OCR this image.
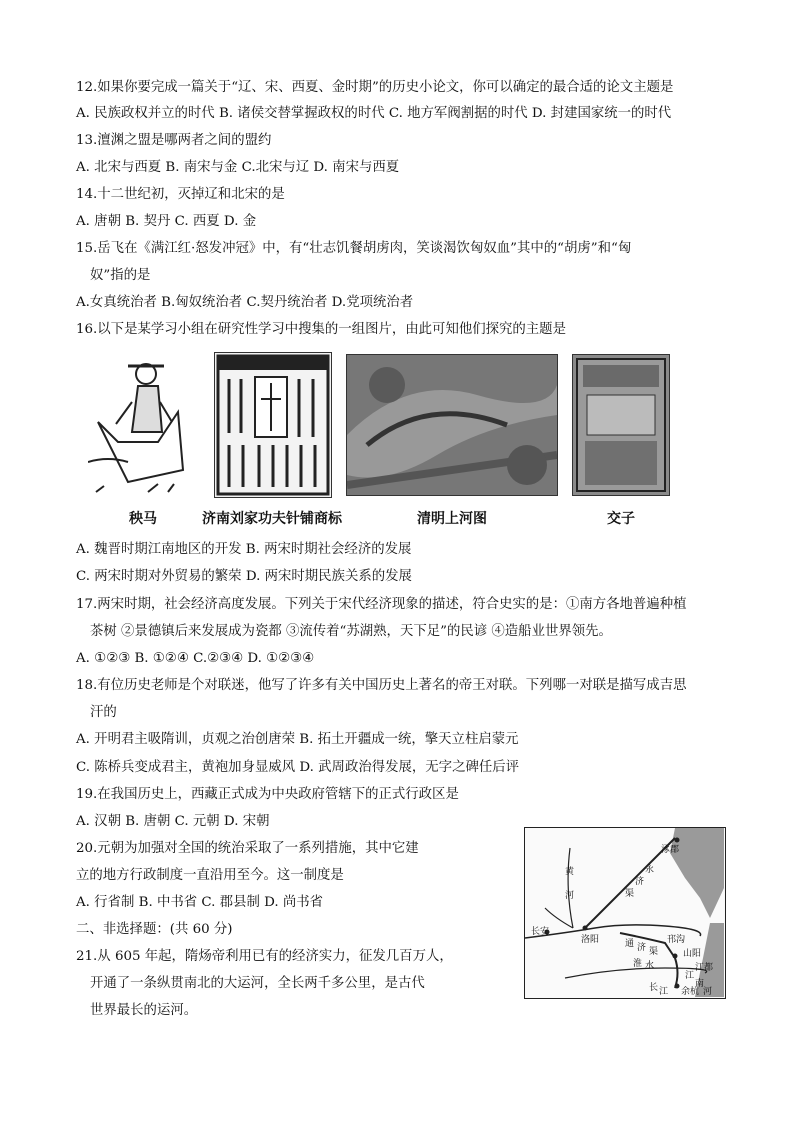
12.如果你要完成一篇关于“辽、宋、西夏、金时期”的历史小论文，你可以确定的最合适的论文主题是
A. 民族政权并立的时代 B. 诸侯交替掌握政权的时代 C. 地方军阀割据的时代 D. 封建国家统一的时代
13.澶渊之盟是哪两者之间的盟约
A. 北宋与西夏 B. 南宋与金 C.北宋与辽 D. 南宋与西夏
14.十二世纪初，灭掉辽和北宋的是
A. 唐朝 B. 契丹 C. 西夏 D. 金
15.岳飞在《满江红·怒发冲冠》中，有“壮志饥餐胡虏肉，笑谈渴饮匈奴血”其中的“胡虏”和“匈
奴”指的是
A.女真统治者 B.匈奴统治者 C.契丹统治者 D.党项统治者
16.以下是某学习小组在研究性学习中搜集的一组图片，由此可知他们探究的主题是
秧马	济南刘家功夫针铺商标	清明上河图	交子
A. 魏晋时期江南地区的开发 B. 两宋时期社会经济的发展
C. 两宋时期对外贸易的繁荣 D. 两宋时期民族关系的发展
17.两宋时期，社会经济高度发展。下列关于宋代经济现象的描述，符合史实的是：①南方各地普遍种植
茶树 ②景德镇后来发展成为瓷都 ③流传着“苏湖熟，天下足”的民谚 ④造船业世界领先。
A. ①②③ B. ①②④ C.②③④ D. ①②③④
18.有位历史老师是个对联迷，他写了许多有关中国历史上著名的帝王对联。下列哪一对联是描写成吉思
汗的
A. 开明君主吸隋训，贞观之治创唐荣 B. 拓土开疆成一统，擎天立柱启蒙元
C. 陈桥兵变成君主，黄袍加身显威风 D. 武周政治得发展，无字之碑任后评
19.在我国历史上，西藏正式成为中央政府管辖下的正式行政区是
A. 汉朝 B. 唐朝 C. 元朝 D. 宋朝
20.元朝为加强对全国的统治采取了一系列措施，其中它建
立的地方行政制度一直沿用至今。这一制度是
A. 行省制 B. 中书省 C. 郡县制 D. 尚书省
二、非选择题：(共 60 分)
21.从 605 年起，隋炀帝利用已有的经济实力，征发几百万人，
开通了一条纵贯南北的大运河，全长两千多公里，是古代
世界最长的运河。
涿郡
黄
河
永
济
渠
通 济 渠
长安
洛阳
淮 水
山阳
邗沟
江
南
河
余杭
江都
长 江
